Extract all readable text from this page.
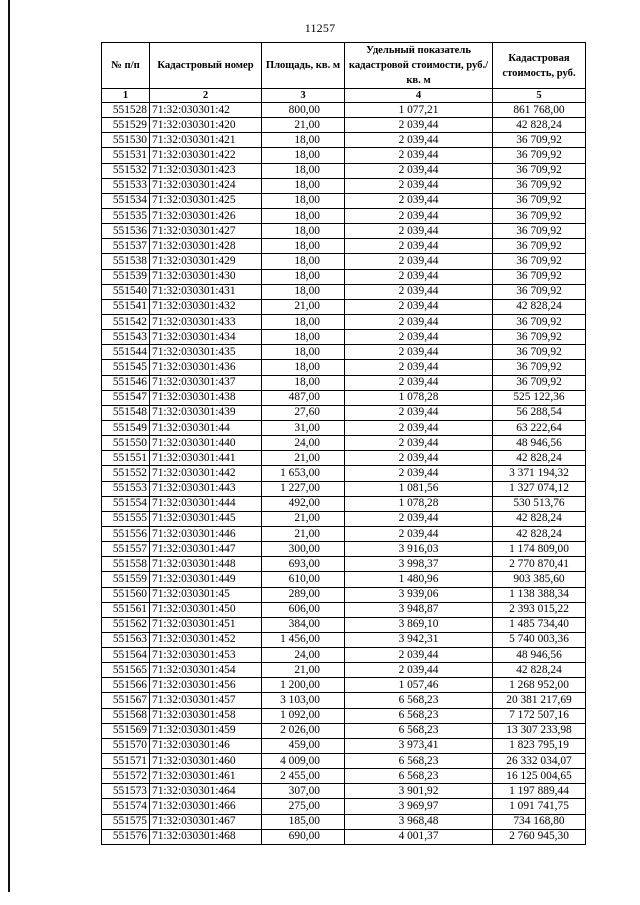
11257
№ п/п	Кадастровый номер	Площадь, кв. м	Удельный показатель кадастровой стоимости, руб./кв. м	Кадастровая стоимость, руб.
1	2	3	4	5
551528	71:32:030301:42	800,00	1 077,21	861 768,00
551529	71:32:030301:420	21,00	2 039,44	42 828,24
551530	71:32:030301:421	18,00	2 039,44	36 709,92
551531	71:32:030301:422	18,00	2 039,44	36 709,92
551532	71:32:030301:423	18,00	2 039,44	36 709,92
551533	71:32:030301:424	18,00	2 039,44	36 709,92
551534	71:32:030301:425	18,00	2 039,44	36 709,92
551535	71:32:030301:426	18,00	2 039,44	36 709,92
551536	71:32:030301:427	18,00	2 039,44	36 709,92
551537	71:32:030301:428	18,00	2 039,44	36 709,92
551538	71:32:030301:429	18,00	2 039,44	36 709,92
551539	71:32:030301:430	18,00	2 039,44	36 709,92
551540	71:32:030301:431	18,00	2 039,44	36 709,92
551541	71:32:030301:432	21,00	2 039,44	42 828,24
551542	71:32:030301:433	18,00	2 039,44	36 709,92
551543	71:32:030301:434	18,00	2 039,44	36 709,92
551544	71:32:030301:435	18,00	2 039,44	36 709,92
551545	71:32:030301:436	18,00	2 039,44	36 709,92
551546	71:32:030301:437	18,00	2 039,44	36 709,92
551547	71:32:030301:438	487,00	1 078,28	525 122,36
551548	71:32:030301:439	27,60	2 039,44	56 288,54
551549	71:32:030301:44	31,00	2 039,44	63 222,64
551550	71:32:030301:440	24,00	2 039,44	48 946,56
551551	71:32:030301:441	21,00	2 039,44	42 828,24
551552	71:32:030301:442	1 653,00	2 039,44	3 371 194,32
551553	71:32:030301:443	1 227,00	1 081,56	1 327 074,12
551554	71:32:030301:444	492,00	1 078,28	530 513,76
551555	71:32:030301:445	21,00	2 039,44	42 828,24
551556	71:32:030301:446	21,00	2 039,44	42 828,24
551557	71:32:030301:447	300,00	3 916,03	1 174 809,00
551558	71:32:030301:448	693,00	3 998,37	2 770 870,41
551559	71:32:030301:449	610,00	1 480,96	903 385,60
551560	71:32:030301:45	289,00	3 939,06	1 138 388,34
551561	71:32:030301:450	606,00	3 948,87	2 393 015,22
551562	71:32:030301:451	384,00	3 869,10	1 485 734,40
551563	71:32:030301:452	1 456,00	3 942,31	5 740 003,36
551564	71:32:030301:453	24,00	2 039,44	48 946,56
551565	71:32:030301:454	21,00	2 039,44	42 828,24
551566	71:32:030301:456	1 200,00	1 057,46	1 268 952,00
551567	71:32:030301:457	3 103,00	6 568,23	20 381 217,69
551568	71:32:030301:458	1 092,00	6 568,23	7 172 507,16
551569	71:32:030301:459	2 026,00	6 568,23	13 307 233,98
551570	71:32:030301:46	459,00	3 973,41	1 823 795,19
551571	71:32:030301:460	4 009,00	6 568,23	26 332 034,07
551572	71:32:030301:461	2 455,00	6 568,23	16 125 004,65
551573	71:32:030301:464	307,00	3 901,92	1 197 889,44
551574	71:32:030301:466	275,00	3 969,97	1 091 741,75
551575	71:32:030301:467	185,00	3 968,48	734 168,80
551576	71:32:030301:468	690,00	4 001,37	2 760 945,30
